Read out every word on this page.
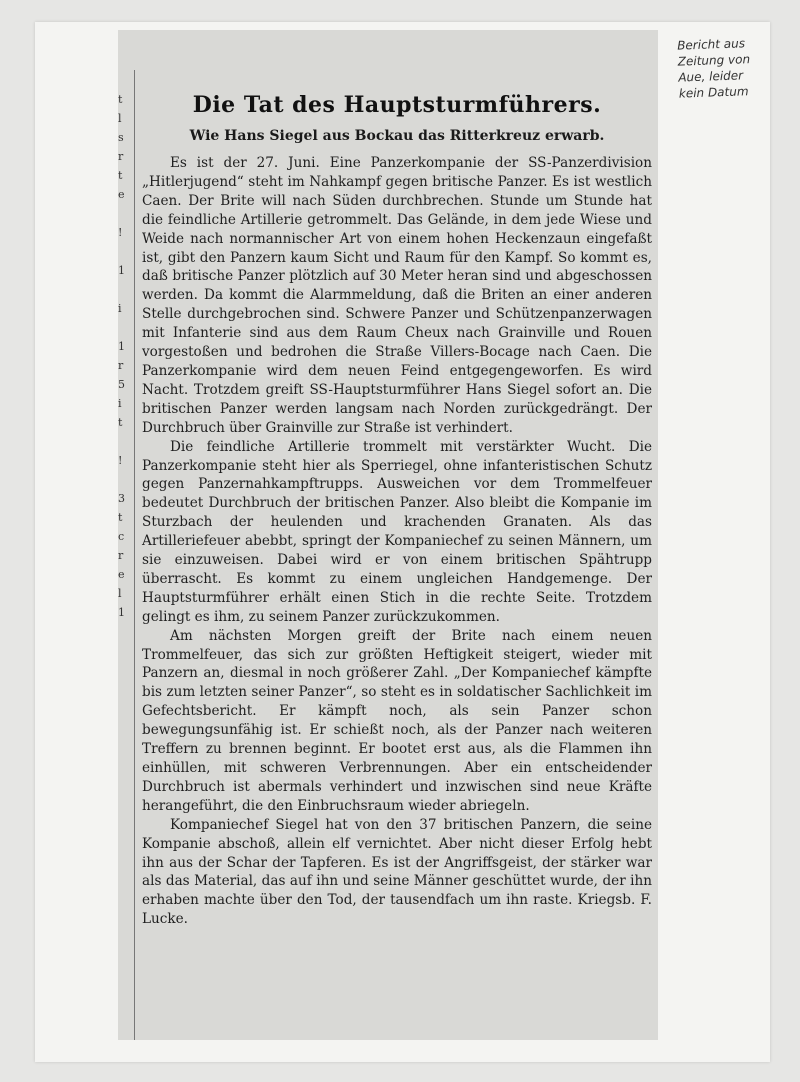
t
l
s
r
t
e

!

1

i

1
r
5
i
t

!

3
t
c
r
e
l
1
Die Tat des Hauptsturmführers.
Wie Hans Siegel aus Bockau das Ritterkreuz erwarb.

Es ist der 27. Juni. Eine Panzerkompanie der SS-Panzerdivision „Hitlerjugend“ steht im Nahkampf gegen britische Panzer. Es ist westlich Caen. Der Brite will nach Süden durchbrechen. Stunde um Stunde hat die feindliche Artillerie getrommelt. Das Gelände, in dem jede Wiese und Weide nach normannischer Art von einem hohen Heckenzaun eingefaßt ist, gibt den Panzern kaum Sicht und Raum für den Kampf. So kommt es, daß britische Panzer plötzlich auf 30 Meter heran sind und abgeschossen werden. Da kommt die Alarmmeldung, daß die Briten an einer anderen Stelle durchgebrochen sind. Schwere Panzer und Schützenpanzerwagen mit Infanterie sind aus dem Raum Cheux nach Grainville und Rouen vorgestoßen und bedrohen die Straße Villers-Bocage nach Caen. Die Panzerkompanie wird dem neuen Feind entgegengeworfen. Es wird Nacht. Trotzdem greift SS-Hauptsturmführer Hans Siegel sofort an. Die britischen Panzer werden langsam nach Norden zurückgedrängt. Der Durchbruch über Grainville zur Straße ist verhindert.

Die feindliche Artillerie trommelt mit verstärkter Wucht. Die Panzerkompanie steht hier als Sperriegel, ohne infanteristischen Schutz gegen Panzernahkampftrupps. Ausweichen vor dem Trommelfeuer bedeutet Durchbruch der britischen Panzer. Also bleibt die Kompanie im Sturzbach der heulenden und krachenden Granaten. Als das Artilleriefeuer abebbt, springt der Kompaniechef zu seinen Männern, um sie einzuweisen. Dabei wird er von einem britischen Spähtrupp überrascht. Es kommt zu einem ungleichen Handgemenge. Der Hauptsturmführer erhält einen Stich in die rechte Seite. Trotzdem gelingt es ihm, zu seinem Panzer zurückzukommen.

Am nächsten Morgen greift der Brite nach einem neuen Trommelfeuer, das sich zur größten Heftigkeit steigert, wieder mit Panzern an, diesmal in noch größerer Zahl. „Der Kompaniechef kämpfte bis zum letzten seiner Panzer“, so steht es in soldatischer Sachlichkeit im Gefechtsbericht. Er kämpft noch, als sein Panzer schon bewegungsunfähig ist. Er schießt noch, als der Panzer nach weiteren Treffern zu brennen beginnt. Er bootet erst aus, als die Flammen ihn einhüllen, mit schweren Verbrennungen. Aber ein entscheidender Durchbruch ist abermals verhindert und inzwischen sind neue Kräfte herangeführt, die den Einbruchsraum wieder abriegeln.

Kompaniechef Siegel hat von den 37 britischen Panzern, die seine Kompanie abschoß, allein elf vernichtet. Aber nicht dieser Erfolg hebt ihn aus der Schar der Tapferen. Es ist der Angriffsgeist, der stärker war als das Material, das auf ihn und seine Männer geschüttet wurde, der ihn erhaben machte über den Tod, der tausendfach um ihn raste. Kriegsb. F. Lucke.

Bericht aus Zeitung von Aue, leider kein Datum
